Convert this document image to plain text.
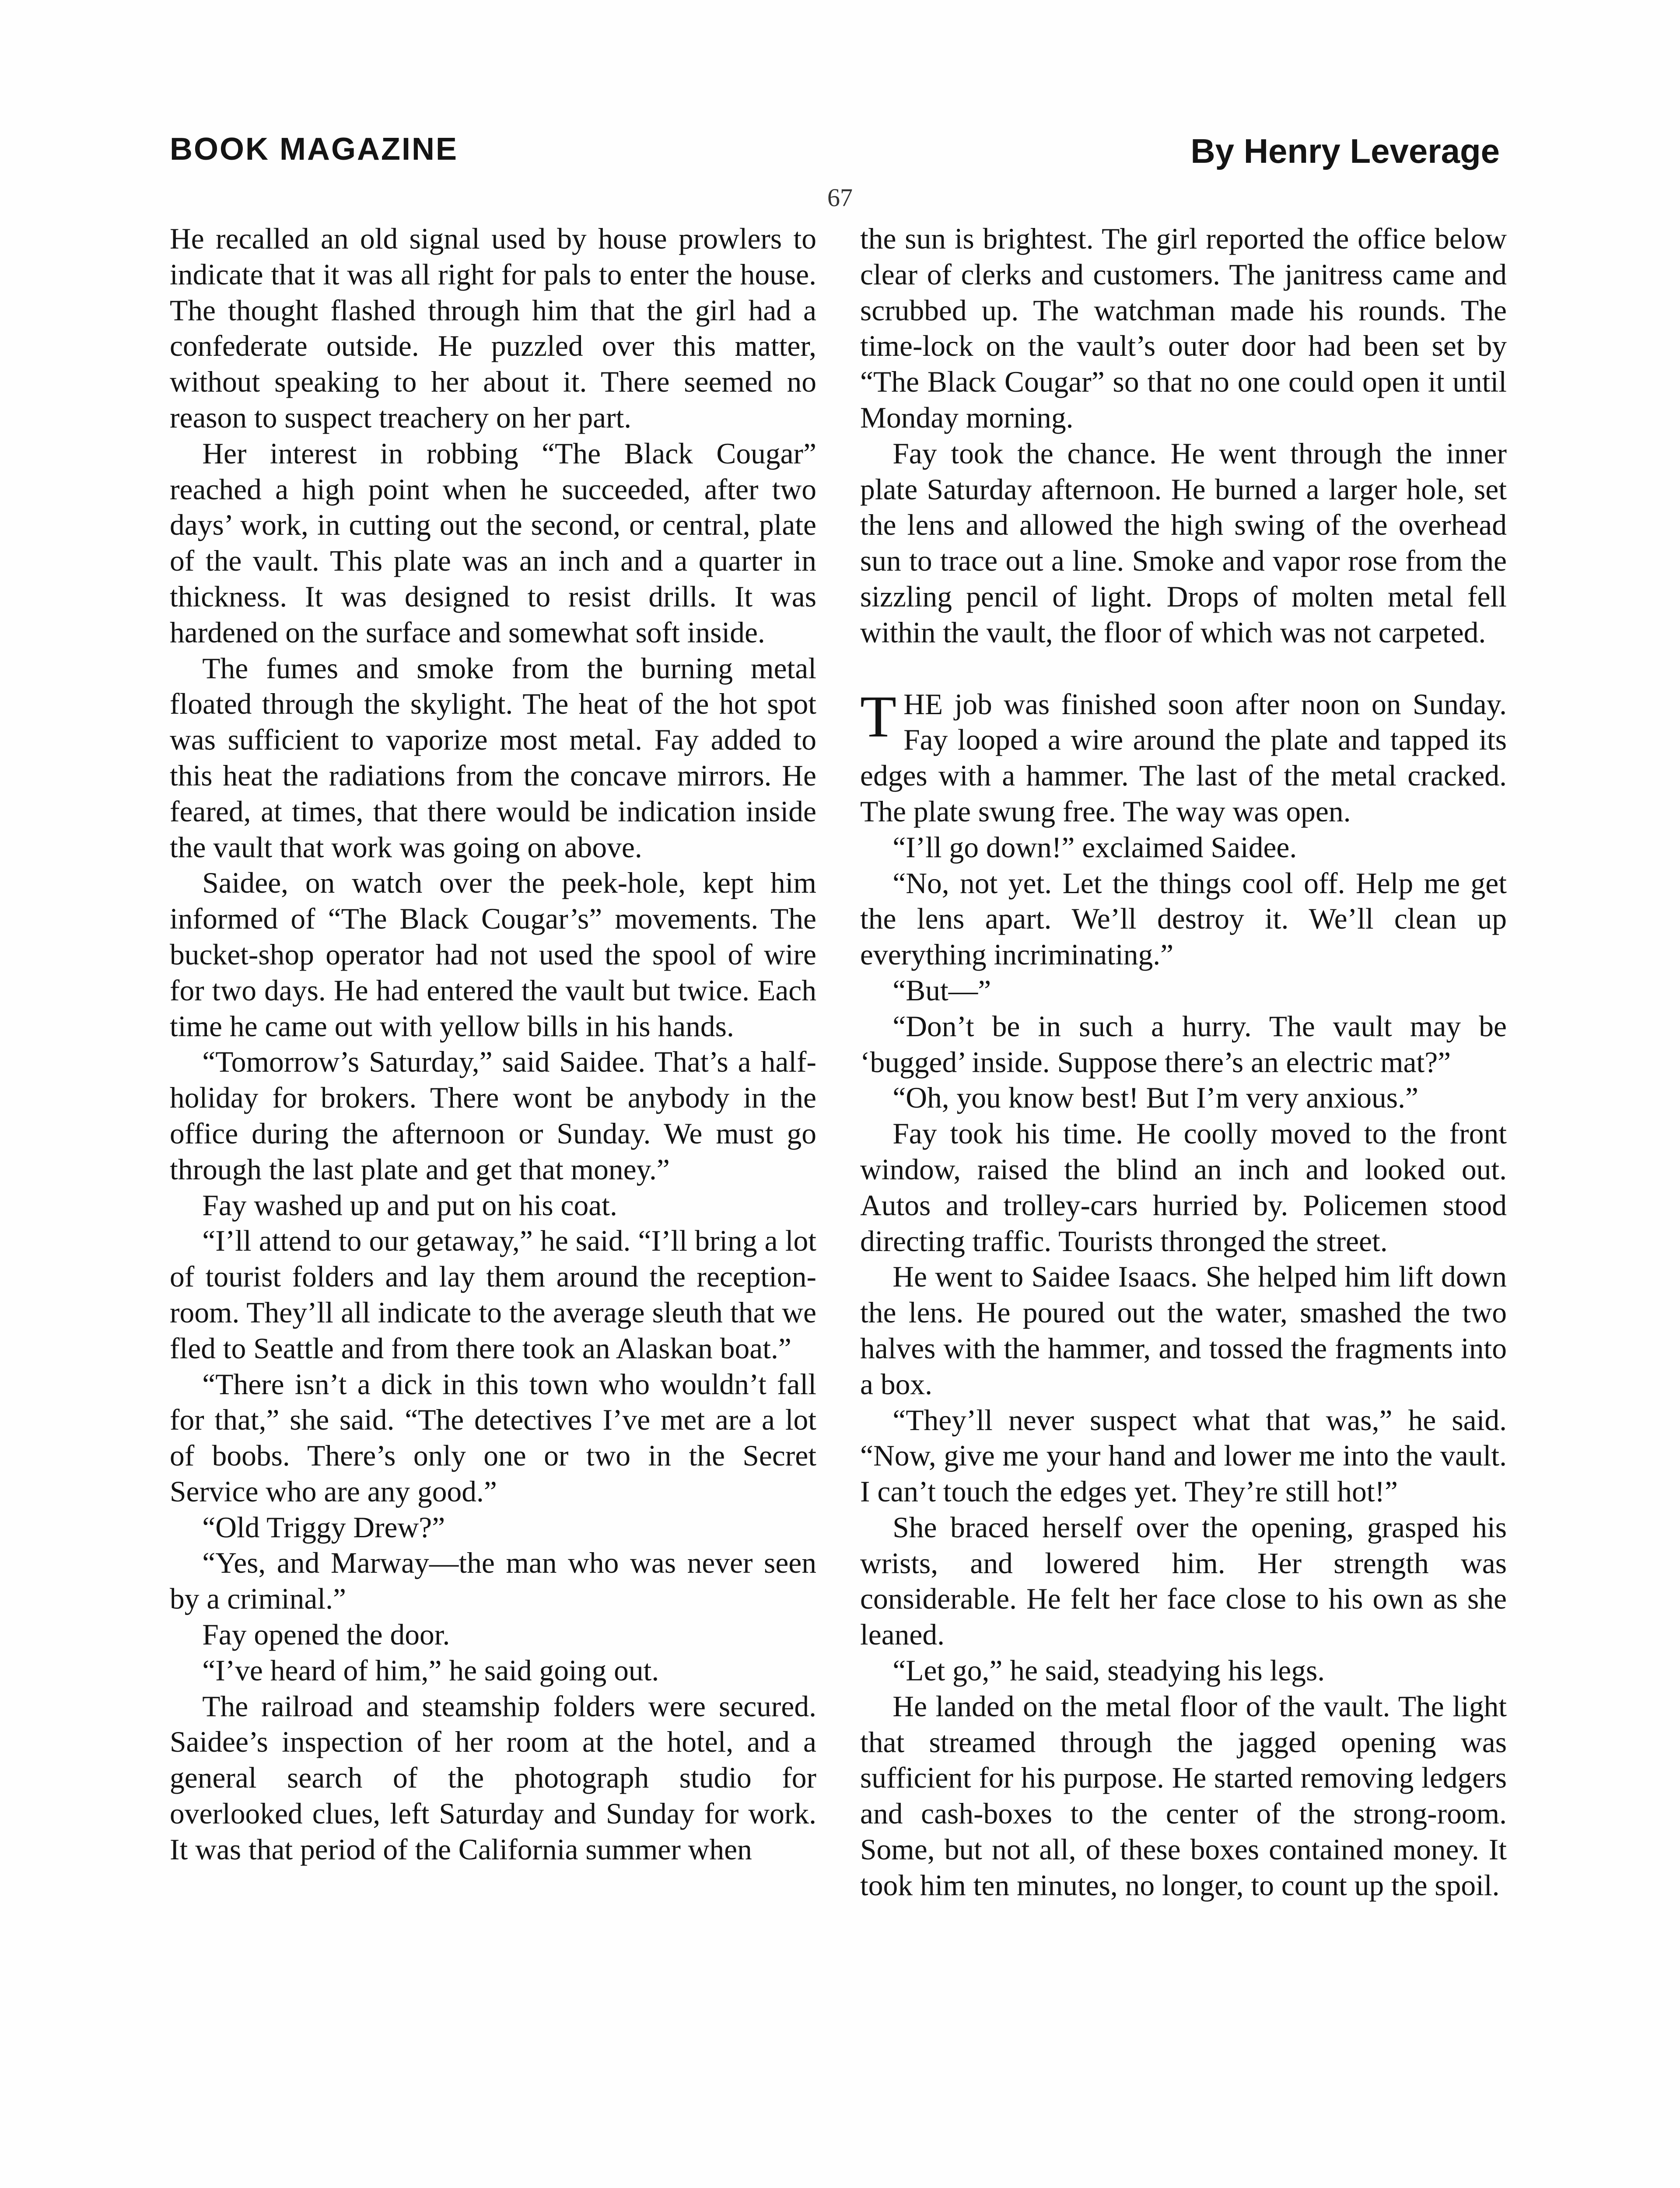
BOOK MAGAZINE	By Henry Leverage
67

He recalled an old signal used by house prowlers to indicate that it was all right for pals to enter the house. The thought flashed through him that the girl had a confederate outside. He puzzled over this matter, without speaking to her about it. There seemed no reason to suspect treachery on her part.

Her interest in robbing “The Black Cougar” reached a high point when he succeeded, after two days’ work, in cutting out the second, or central, plate of the vault. This plate was an inch and a quarter in thickness. It was designed to resist drills. It was hardened on the surface and somewhat soft inside.

The fumes and smoke from the burning metal floated through the skylight. The heat of the hot spot was sufficient to vaporize most metal. Fay added to this heat the radiations from the concave mirrors. He feared, at times, that there would be indication inside the vault that work was going on above.

Saidee, on watch over the peek-hole, kept him informed of “The Black Cougar’s” movements. The bucket-shop operator had not used the spool of wire for two days. He had entered the vault but twice. Each time he came out with yellow bills in his hands.

“Tomorrow’s Saturday,” said Saidee. That’s a half-holiday for brokers. There wont be anybody in the office during the afternoon or Sunday. We must go through the last plate and get that money.”

Fay washed up and put on his coat.

“I’ll attend to our getaway,” he said. “I’ll bring a lot of tourist folders and lay them around the reception-room. They’ll all indicate to the average sleuth that we fled to Seattle and from there took an Alaskan boat.”

“There isn’t a dick in this town who wouldn’t fall for that,” she said. “The detectives I’ve met are a lot of boobs. There’s only one or two in the Secret Service who are any good.”

“Old Triggy Drew?”

“Yes, and Marway—the man who was never seen by a criminal.”

Fay opened the door.

“I’ve heard of him,” he said going out.

The railroad and steamship folders were secured. Saidee’s inspection of her room at the hotel, and a general search of the photograph studio for overlooked clues, left Saturday and Sunday for work. It was that period of the California summer when

the sun is brightest. The girl reported the office below clear of clerks and customers. The janitress came and scrubbed up. The watchman made his rounds. The time-lock on the vault’s outer door had been set by “The Black Cougar” so that no one could open it until Monday morning.

Fay took the chance. He went through the inner plate Saturday afternoon. He burned a larger hole, set the lens and allowed the high swing of the overhead sun to trace out a line. Smoke and vapor rose from the sizzling pencil of light. Drops of molten metal fell within the vault, the floor of which was not carpeted.

THE job was finished soon after noon on Sunday. Fay looped a wire around the plate and tapped its edges with a hammer. The last of the metal cracked. The plate swung free. The way was open.

“I’ll go down!” exclaimed Saidee.

“No, not yet. Let the things cool off. Help me get the lens apart. We’ll destroy it. We’ll clean up everything incriminating.”

“But—”

“Don’t be in such a hurry. The vault may be ‘bugged’ inside. Suppose there’s an electric mat?”

“Oh, you know best! But I’m very anxious.”

Fay took his time. He coolly moved to the front window, raised the blind an inch and looked out. Autos and trolley-cars hurried by. Policemen stood directing traffic. Tourists thronged the street.

He went to Saidee Isaacs. She helped him lift down the lens. He poured out the water, smashed the two halves with the hammer, and tossed the fragments into a box.

“They’ll never suspect what that was,” he said. “Now, give me your hand and lower me into the vault. I can’t touch the edges yet. They’re still hot!”

She braced herself over the opening, grasped his wrists, and lowered him. Her strength was considerable. He felt her face close to his own as she leaned.

“Let go,” he said, steadying his legs.

He landed on the metal floor of the vault. The light that streamed through the jagged opening was sufficient for his purpose. He started removing ledgers and cash-boxes to the center of the strong-room. Some, but not all, of these boxes contained money. It took him ten minutes, no longer, to count up the spoil.
